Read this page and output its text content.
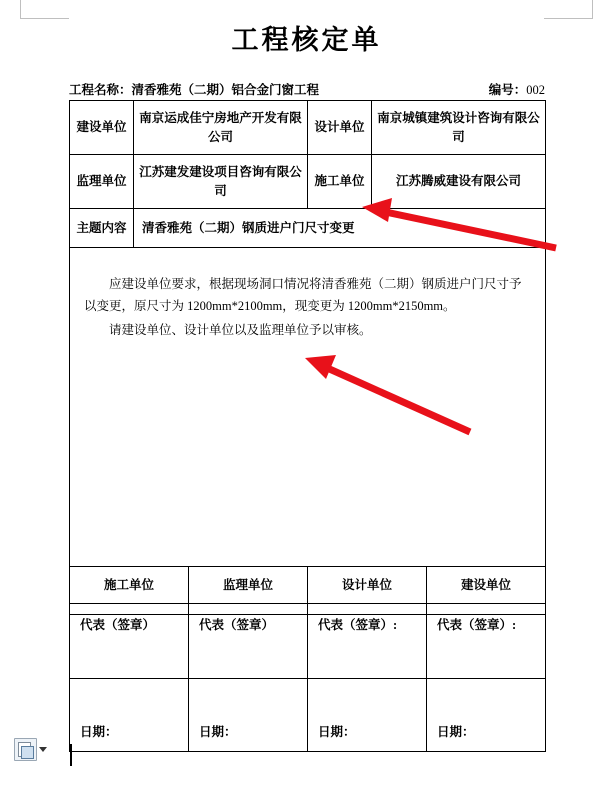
工程核定单
工程名称：清香雅苑（二期）铝合金门窗工程	编号：002
建设单位	南京运成佳宁房地产开发有限公司	设计单位	南京城镇建筑设计咨询有限公司
监理单位	江苏建发建设项目咨询有限公司	施工单位	江苏腾威建设有限公司
主题内容	清香雅苑（二期）钢质进户门尺寸变更		

应建设单位要求，根据现场洞口情况将清香雅苑（二期）钢质进户门尺寸予以变更，原尺寸为 1200mm*2100mm，现变更为 1200mm*2150mm。

请建设单位、设计单位以及监理单位予以审核。			

施工单位	监理单位	设计单位	建设单位
代表（签章）	代表（签章）	代表（签章）:	代表（签章）:
日期：	日期：	日期：	日期：
